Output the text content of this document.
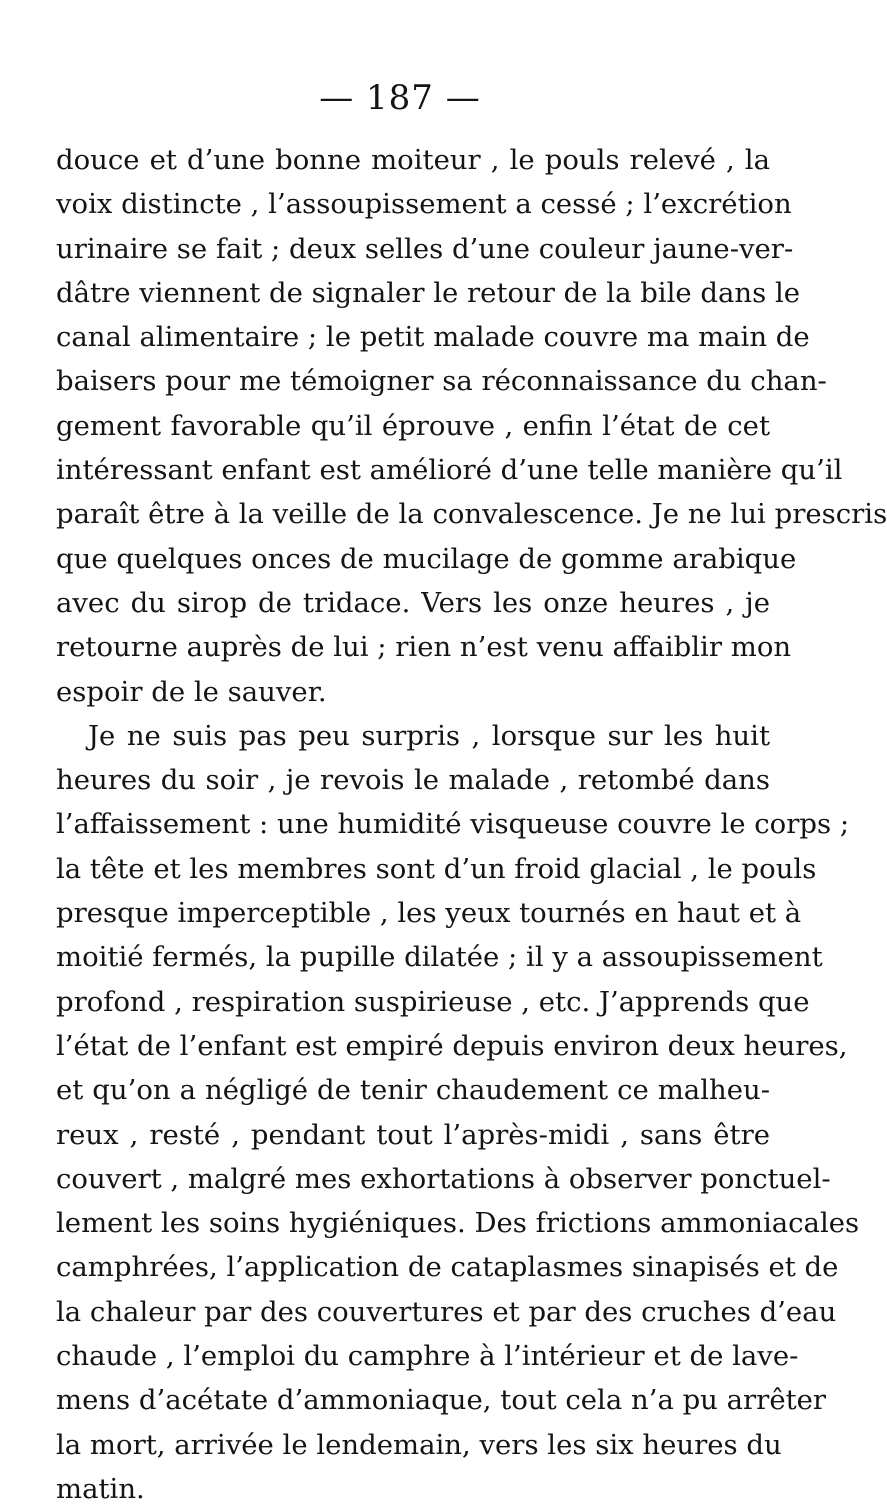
— 187 —
douce et d’une bonne moiteur , le pouls relevé , la
voix distincte , l’assoupissement a cessé ; l’excrétion
urinaire se fait ; deux selles d’une couleur jaune-ver-
dâtre viennent de signaler le retour de la bile dans le
canal alimentaire ; le petit malade couvre ma main de
baisers pour me témoigner sa réconnaissance du chan-
gement favorable qu’il éprouve , enfin l’état de cet
intéressant enfant est amélioré d’une telle manière qu’il
paraît être à la veille de la convalescence. Je ne lui prescris
que quelques onces de mucilage de gomme arabique
avec du sirop de tridace. Vers les onze heures , je
retourne auprès de lui ; rien n’est venu affaiblir mon
espoir de le sauver.
Je ne suis pas peu surpris , lorsque sur les huit
heures du soir , je revois le malade , retombé dans
l’affaissement : une humidité visqueuse couvre le corps ;
la tête et les membres sont d’un froid glacial , le pouls
presque imperceptible , les yeux tournés en haut et à
moitié fermés, la pupille dilatée ; il y a assoupissement
profond , respiration suspirieuse , etc. J’apprends que
l’état de l’enfant est empiré depuis environ deux heures,
et qu’on a négligé de tenir chaudement ce malheu-
reux , resté , pendant tout l’après-midi , sans être
couvert , malgré mes exhortations à observer ponctuel-
lement les soins hygiéniques. Des frictions ammoniacales
camphrées, l’application de cataplasmes sinapisés et de
la chaleur par des couvertures et par des cruches d’eau
chaude , l’emploi du camphre à l’intérieur et de lave-
mens d’acétate d’ammoniaque, tout cela n’a pu arrêter
la mort, arrivée le lendemain, vers les six heures du
matin.
